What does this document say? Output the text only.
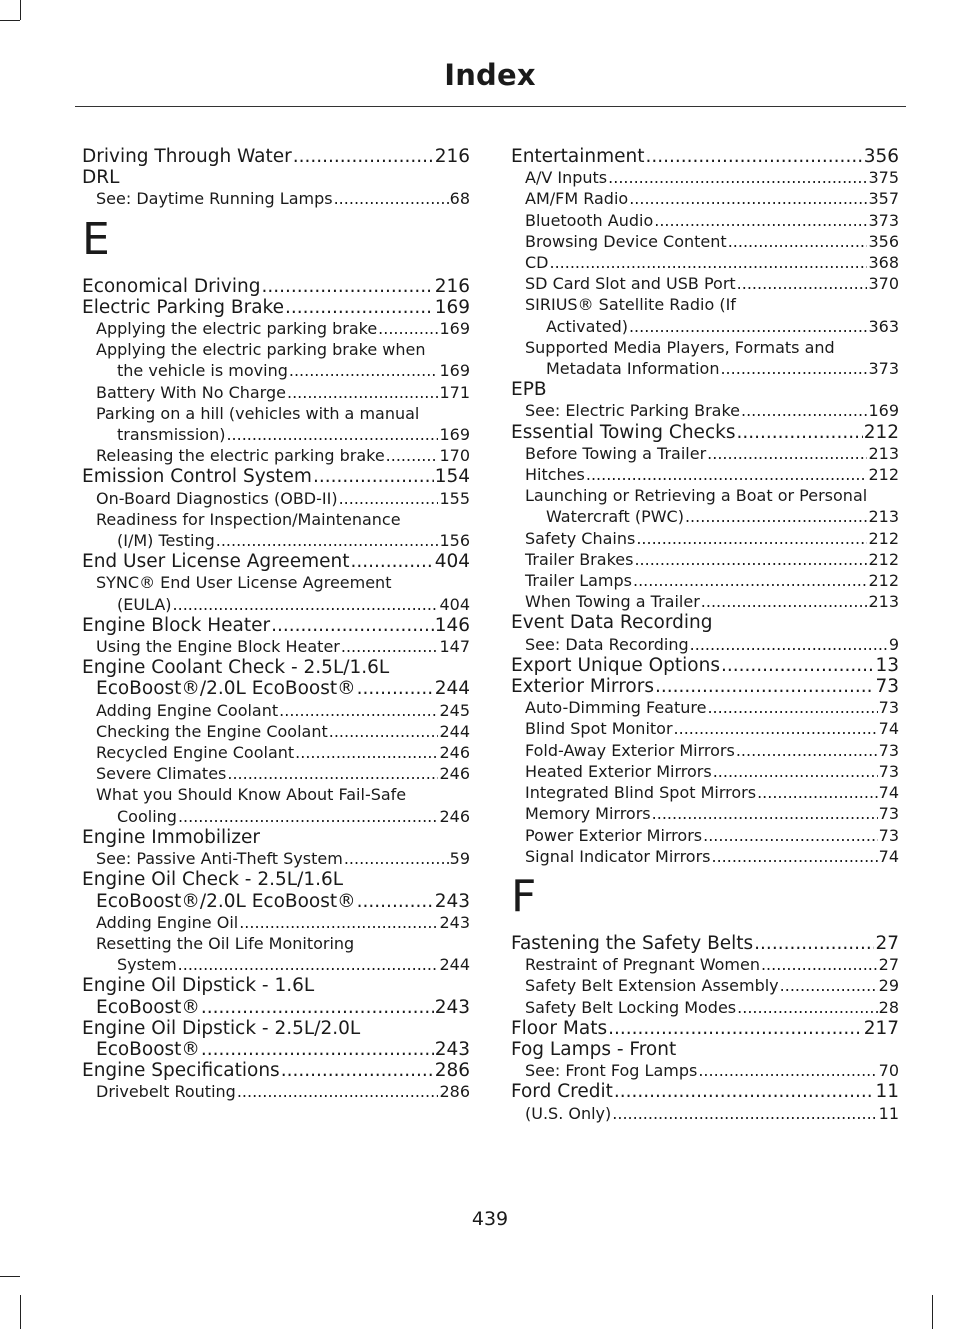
Index
Driving Through Water .....	216
DRL
See: Daytime Running Lamps .....	68
E
Economical Driving .....	216
Electric Parking Brake .....	169
Applying the electric parking brake .....	169
Applying the electric parking brake when
the vehicle is moving .....	169
Battery With No Charge .....	171
Parking on a hill (vehicles with a manual
transmission) .....	169
Releasing the electric parking brake .....	170
Emission Control System .....	154
On-Board Diagnostics (OBD-II) .....	155
Readiness for Inspection/Maintenance
(I/M) Testing .....	156
End User License Agreement .....	404
SYNC® End User License Agreement
(EULA) .....	404
Engine Block Heater .....	146
Using the Engine Block Heater .....	147
Engine Coolant Check - 2.5L/1.6L
EcoBoost®/2.0L EcoBoost® .....	244
Adding Engine Coolant .....	245
Checking the Engine Coolant .....	244
Recycled Engine Coolant .....	246
Severe Climates .....	246
What you Should Know About Fail-Safe
Cooling .....	246
Engine Immobilizer
See: Passive Anti-Theft System .....	59
Engine Oil Check - 2.5L/1.6L
EcoBoost®/2.0L EcoBoost® .....	243
Adding Engine Oil .....	243
Resetting the Oil Life Monitoring
System .....	244
Engine Oil Dipstick - 1.6L
EcoBoost® .....	243
Engine Oil Dipstick - 2.5L/2.0L
EcoBoost® .....	243
Engine Specifications .....	286
Drivebelt Routing .....	286
Entertainment .....	356
A/V Inputs .....	375
AM/FM Radio .....	357
Bluetooth Audio .....	373
Browsing Device Content .....	356
CD .....	368
SD Card Slot and USB Port .....	370
SIRIUS® Satellite Radio (If
Activated) .....	363
Supported Media Players, Formats and
Metadata Information .....	373
EPB
See: Electric Parking Brake .....	169
Essential Towing Checks .....	212
Before Towing a Trailer .....	213
Hitches .....	212
Launching or Retrieving a Boat or Personal
Watercraft (PWC) .....	213
Safety Chains .....	212
Trailer Brakes .....	212
Trailer Lamps .....	212
When Towing a Trailer .....	213
Event Data Recording
See: Data Recording .....	9
Export Unique Options .....	13
Exterior Mirrors .....	73
Auto-Dimming Feature .....	73
Blind Spot Monitor .....	74
Fold-Away Exterior Mirrors .....	73
Heated Exterior Mirrors .....	73
Integrated Blind Spot Mirrors .....	74
Memory Mirrors .....	73
Power Exterior Mirrors .....	73
Signal Indicator Mirrors .....	74
F
Fastening the Safety Belts .....	27
Restraint of Pregnant Women .....	27
Safety Belt Extension Assembly .....	29
Safety Belt Locking Modes .....	28
Floor Mats .....	217
Fog Lamps - Front
See: Front Fog Lamps .....	70
Ford Credit .....	11
(U.S. Only) .....	11
439
